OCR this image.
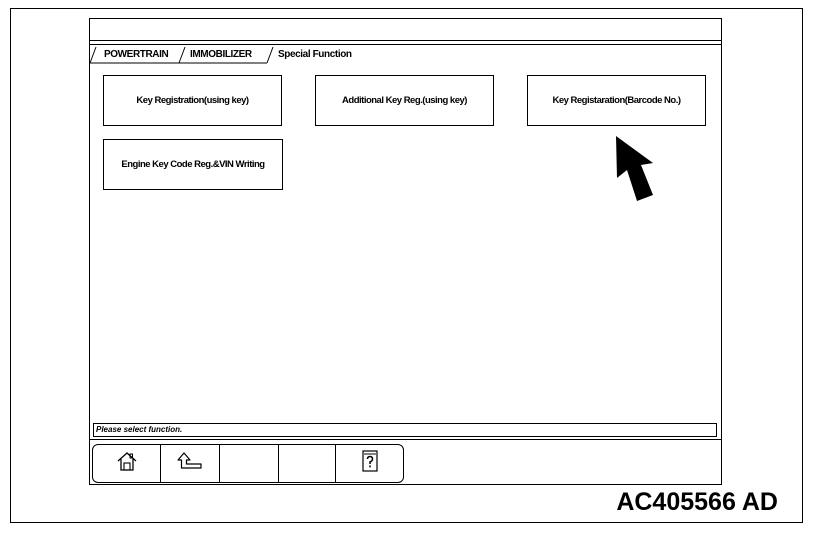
POWERTRAIN IMMOBILIZER	Special Function
Key Registration(using key)	Additional Key Reg.(using key)	Key Registaration(Barcode No.)
Engine Key Code Reg.&VIN Writing
Please select function.
AC405566 AD
